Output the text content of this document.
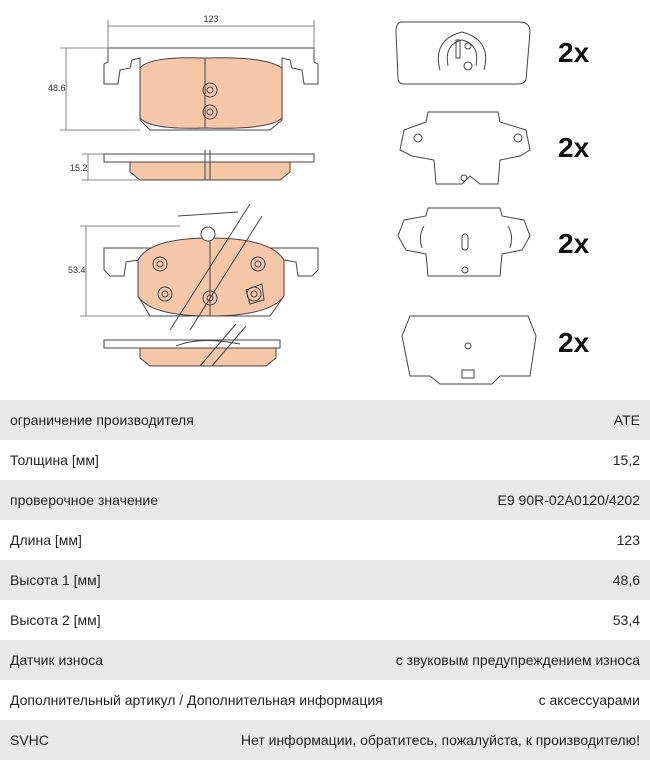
123
48.6
15.2
53.4
2x
2x
2x
2x
ограничение производителя	ATE
Толщина [мм]	15,2
проверочное значение	E9 90R-02A0120/4202
Длина [мм]	123
Высота 1 [мм]	48,6
Высота 2 [мм]	53,4
Датчик износа	с звуковым предупреждением износа
Дополнительный артикул / Дополнительная информация	с аксессуарами
SVHC	Нет информации, обратитесь, пожалуйста, к производителю!
